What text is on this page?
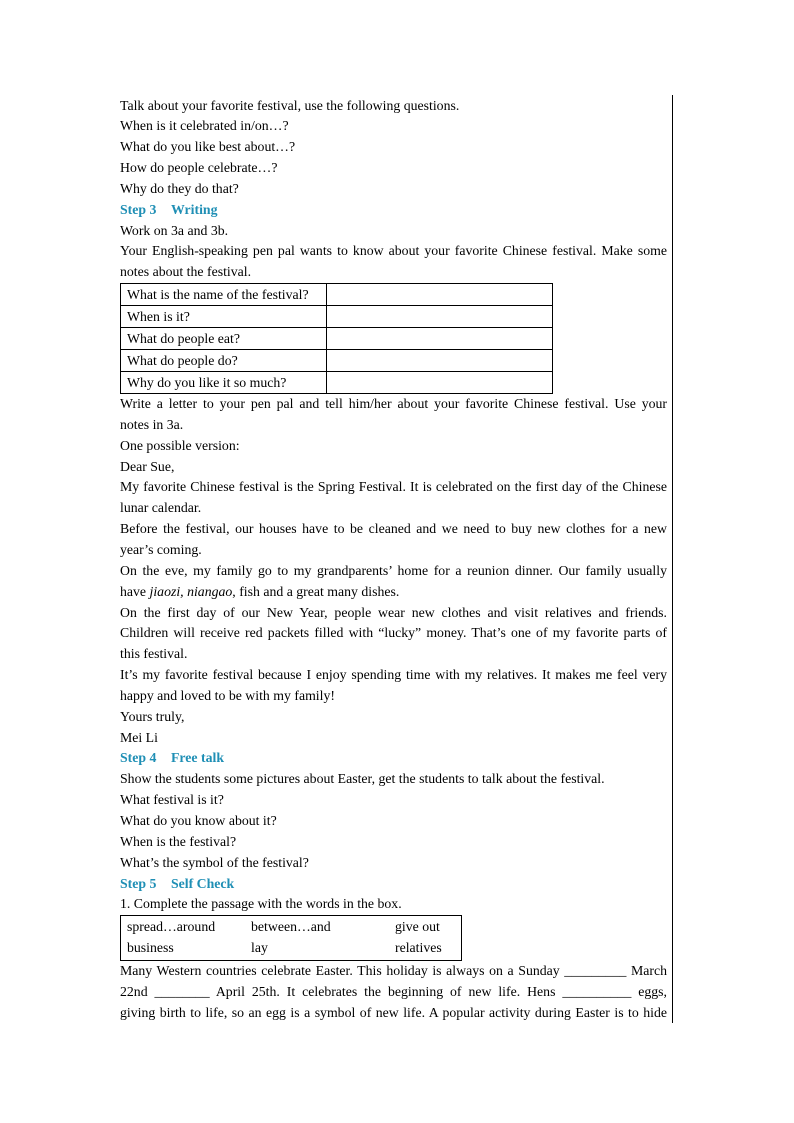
Talk about your favorite festival, use the following questions.
When is it celebrated in/on…?
What do you like best about…?
How do people celebrate…?
Why do they do that?
Step 3 Writing
Work on 3a and 3b.
Your English-speaking pen pal wants to know about your favorite Chinese festival. Make some
notes about the festival.
What is the name of the festival?
When is it?
What do people eat?
What do people do?
Why do you like it so much?
Write a letter to your pen pal and tell him/her about your favorite Chinese festival. Use your
notes in 3a.
One possible version:
Dear Sue,
My favorite Chinese festival is the Spring Festival. It is celebrated on the first day of the Chinese
lunar calendar.
Before the festival, our houses have to be cleaned and we need to buy new clothes for a new
year’s coming.
On the eve, my family go to my grandparents’ home for a reunion dinner. Our family usually
have jiaozi, niangao, fish and a great many dishes.
On the first day of our New Year, people wear new clothes and visit relatives and friends.
Children will receive red packets filled with “lucky” money. That’s one of my favorite parts of
this festival.
It’s my favorite festival because I enjoy spending time with my relatives. It makes me feel very
happy and loved to be with my family!
Yours truly,
Mei Li
Step 4 Free talk
Show the students some pictures about Easter, get the students to talk about the festival.
What festival is it?
What do you know about it?
When is the festival?
What’s the symbol of the festival?
Step 5 Self Check
1. Complete the passage with the words in the box.
spread…around	between…and	give out
business	lay	relatives
Many Western countries celebrate Easter. This holiday is always on a Sunday _________ March
22nd ________ April 25th. It celebrates the beginning of new life. Hens __________ eggs,
giving birth to life, so an egg is a symbol of new life. A popular activity during Easter is to hide
